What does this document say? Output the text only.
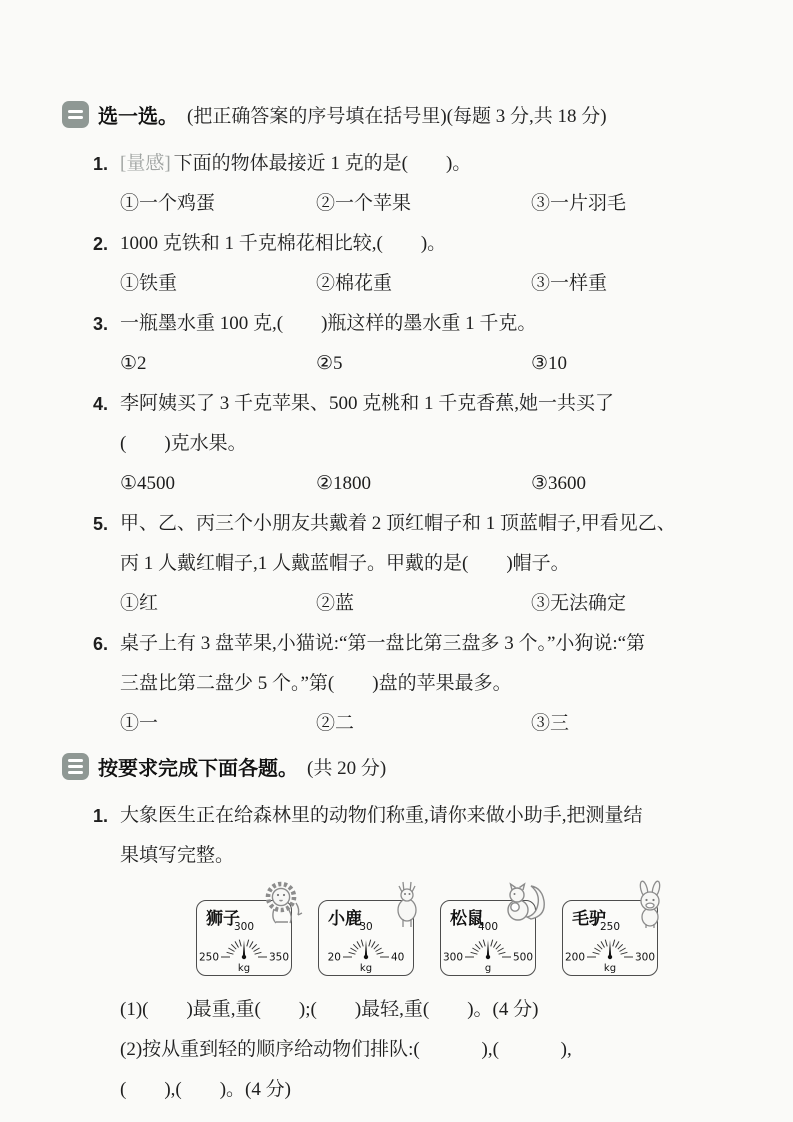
选一选。 (把正确答案的序号填在括号里)(每题 3 分,共 18 分)
1. [量感] 下面的物体最接近 1 克的是(        )。
①一个鸡蛋	②一个苹果	③一片羽毛
2. 1000 克铁和 1 千克棉花相比较,(        )。
①铁重	②棉花重	③一样重
3. 一瓶墨水重 100 克,(        )瓶这样的墨水重 1 千克。
①2	②5	③10
4. 李阿姨买了 3 千克苹果、500 克桃和 1 千克香蕉,她一共买了
(        )克水果。
①4500	②1800	③3600
5. 甲、乙、丙三个小朋友共戴着 2 顶红帽子和 1 顶蓝帽子,甲看见乙、
丙 1 人戴红帽子,1 人戴蓝帽子。甲戴的是(        )帽子。
①红	②蓝	③无法确定
6. 桌子上有 3 盘苹果,小猫说:“第一盘比第三盘多 3 个。”小狗说:“第
三盘比第二盘少 5 个。”第(        )盘的苹果最多。
①一	②二	③三
按要求完成下面各题。 (共 20 分)
1. 大象医生正在给森林里的动物们称重,请你来做小助手,把测量结
果填写完整。
狮子
300
250	350
kg
小鹿
30
20	40
kg
松鼠
400
300	500
g
毛驴
250
200	300
kg
(1)(        )最重,重(        );(        )最轻,重(        )。(4 分)
(2)按从重到轻的顺序给动物们排队:(             ),(             ),
(        ),(        )。(4 分)
